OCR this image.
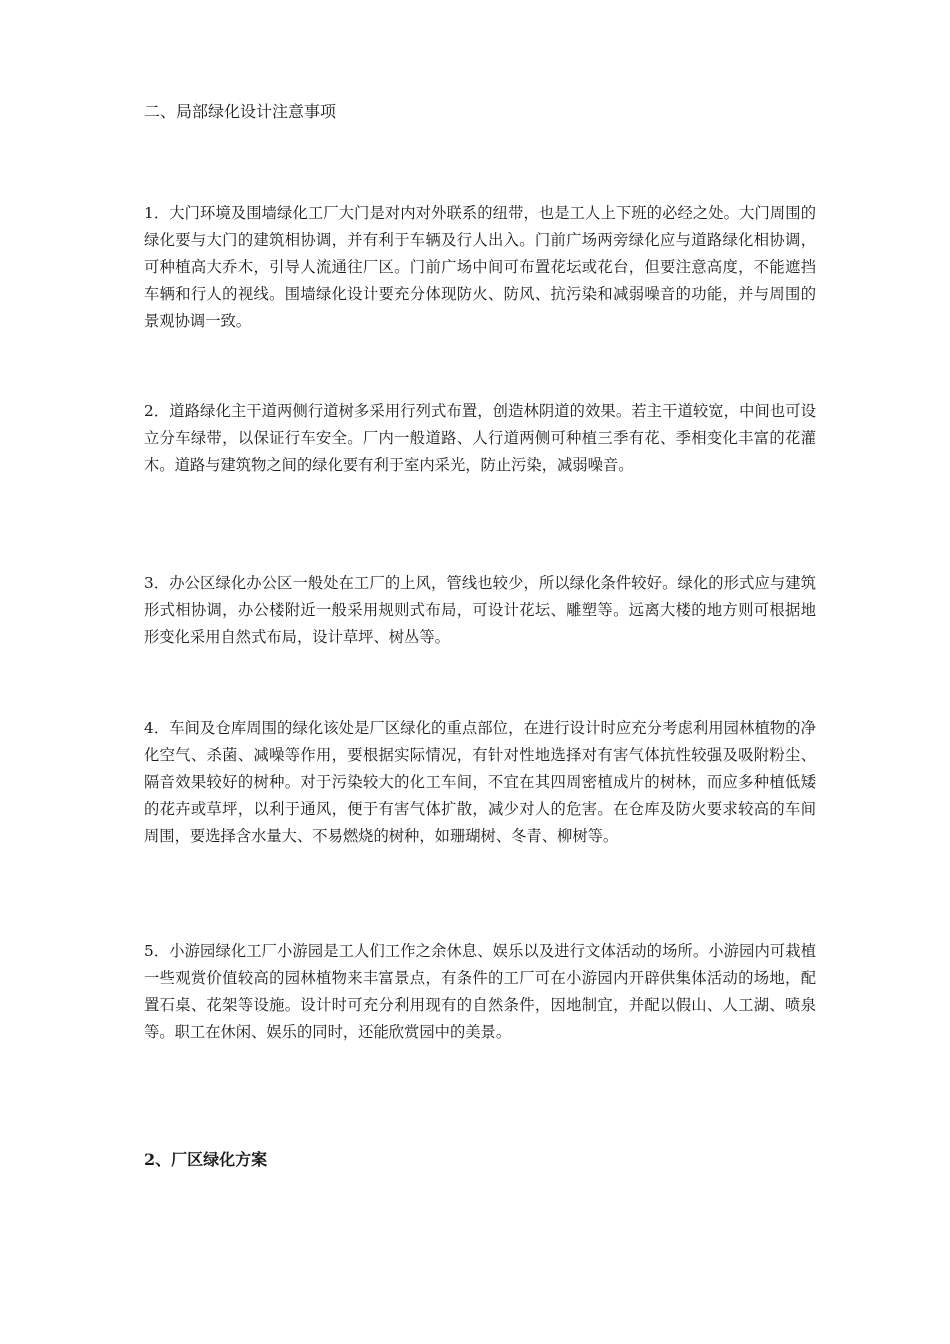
二、局部绿化设计注意事项

1．大门环境及围墙绿化工厂大门是对内对外联系的纽带，也是工人上下班的必经之处。大门周围的绿化要与大门的建筑相协调，并有利于车辆及行人出入。门前广场两旁绿化应与道路绿化相协调，可种植高大乔木，引导人流通往厂区。门前广场中间可布置花坛或花台，但要注意高度，不能遮挡车辆和行人的视线。围墙绿化设计要充分体现防火、防风、抗污染和减弱噪音的功能，并与周围的景观协调一致。

2．道路绿化主干道两侧行道树多采用行列式布置，创造林阴道的效果。若主干道较宽，中间也可设立分车绿带，以保证行车安全。厂内一般道路、人行道两侧可种植三季有花、季相变化丰富的花灌木。道路与建筑物之间的绿化要有利于室内采光，防止污染，减弱噪音。

3．办公区绿化办公区一般处在工厂的上风，管线也较少，所以绿化条件较好。绿化的形式应与建筑形式相协调，办公楼附近一般采用规则式布局，可设计花坛、雕塑等。远离大楼的地方则可根据地形变化采用自然式布局，设计草坪、树丛等。

4．车间及仓库周围的绿化该处是厂区绿化的重点部位，在进行设计时应充分考虑利用园林植物的净化空气、杀菌、减噪等作用，要根据实际情况，有针对性地选择对有害气体抗性较强及吸附粉尘、隔音效果较好的树种。对于污染较大的化工车间，不宜在其四周密植成片的树林，而应多种植低矮的花卉或草坪，以利于通风，便于有害气体扩散，减少对人的危害。在仓库及防火要求较高的车间周围，要选择含水量大、不易燃烧的树种，如珊瑚树、冬青、柳树等。

5．小游园绿化工厂小游园是工人们工作之余休息、娱乐以及进行文体活动的场所。小游园内可栽植一些观赏价值较高的园林植物来丰富景点，有条件的工厂可在小游园内开辟供集体活动的场地，配置石桌、花架等设施。设计时可充分利用现有的自然条件，因地制宜，并配以假山、人工湖、喷泉等。职工在休闲、娱乐的同时，还能欣赏园中的美景。

2、厂区绿化方案
